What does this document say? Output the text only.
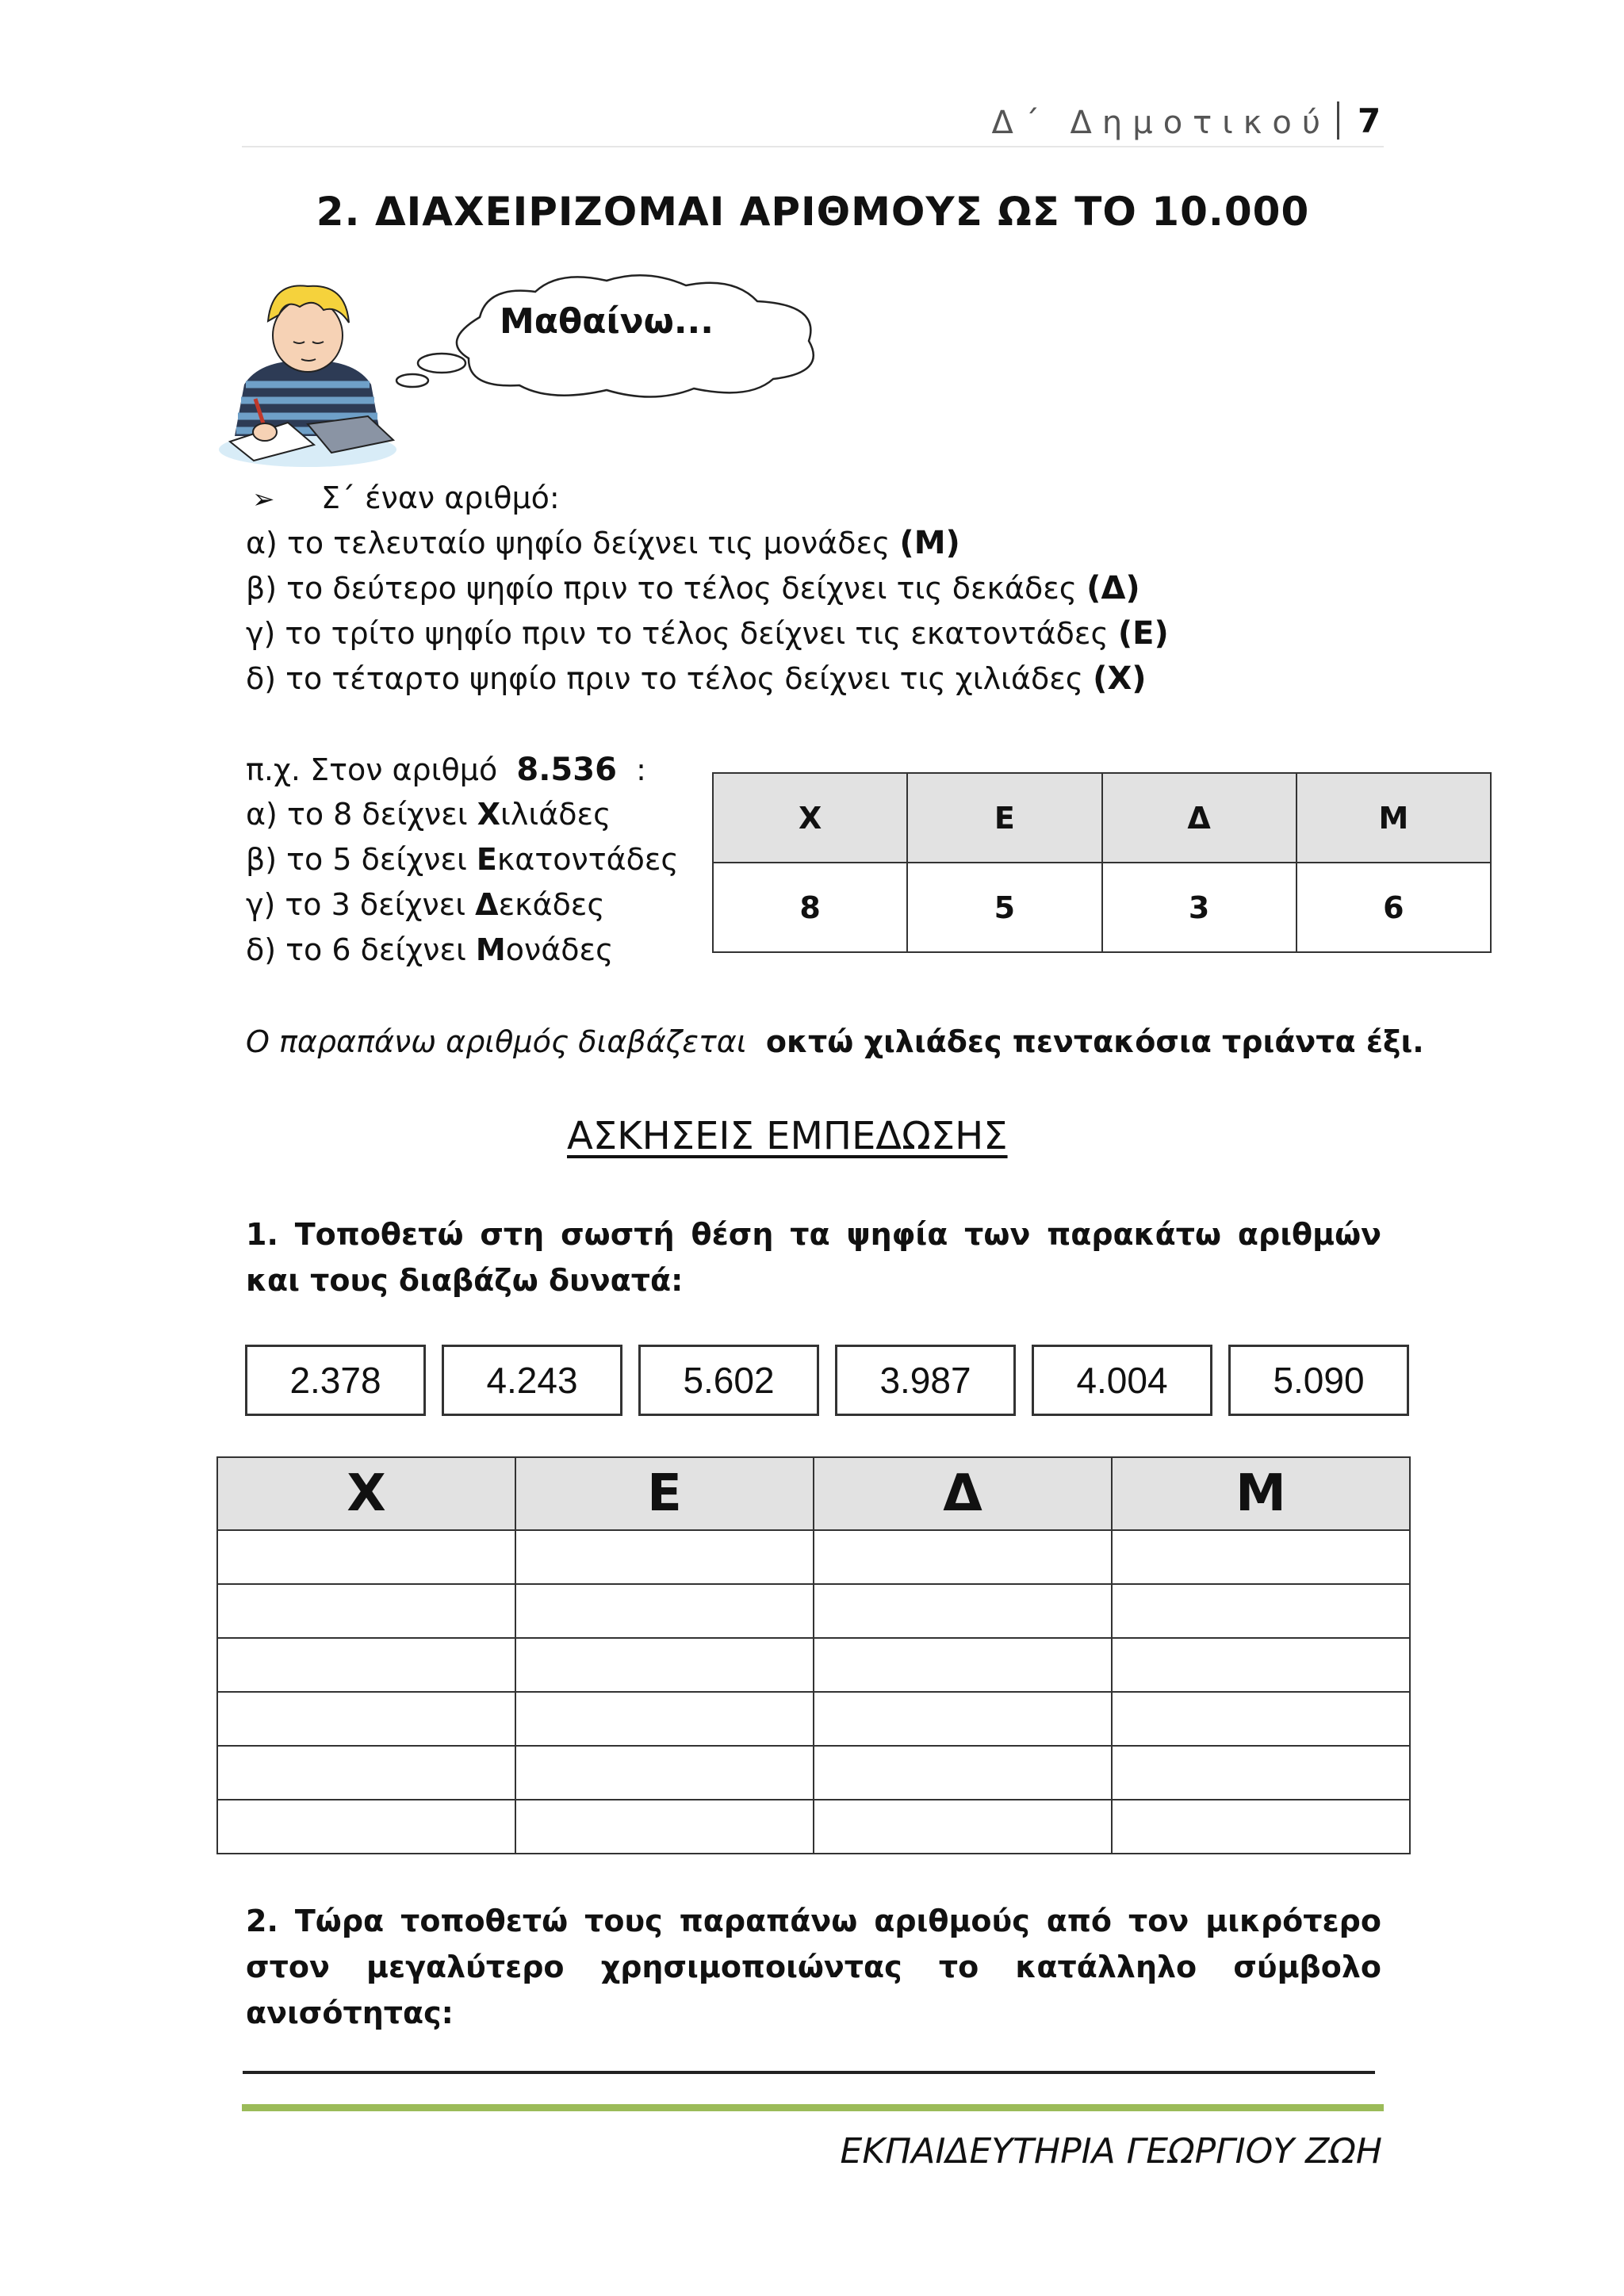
Δ΄ Δημοτικού 7
2. ΔΙΑΧΕΙΡΙΖΟΜΑΙ ΑΡΙΘΜΟΥΣ ΩΣ ΤΟ 10.000
Μαθαίνω...
➢ Σ΄ έναν αριθμό:
α) το τελευταίο ψηφίο δείχνει τις μονάδες (Μ)
β) το δεύτερο ψηφίο πριν το τέλος δείχνει τις δεκάδες (Δ)
γ) το τρίτο ψηφίο πριν το τέλος δείχνει τις εκατοντάδες (Ε)
δ) το τέταρτο ψηφίο πριν το τέλος δείχνει τις χιλιάδες (Χ)
π.χ. Στον αριθμό 8.536 :
α) το 8 δείχνει Χιλιάδες
β) το 5 δείχνει Εκατοντάδες
γ) το 3 δείχνει Δεκάδες
δ) το 6 δείχνει Μονάδες
Χ	Ε	Δ	Μ
8	5	3	6
Ο παραπάνω αριθμός διαβάζεται οκτώ χιλιάδες πεντακόσια τριάντα έξι.
ΑΣΚΗΣΕΙΣ ΕΜΠΕΔΩΣΗΣ
1. Τοποθετώ στη σωστή θέση τα ψηφία των παρακάτω αριθμών και τους διαβάζω δυνατά:
2.378	4.243	5.602	3.987	4.004	5.090
Χ	Ε	Δ	Μ

2. Τώρα τοποθετώ τους παραπάνω αριθμούς από τον μικρότερο στον μεγαλύτερο χρησιμοποιώντας το κατάλληλο σύμβολο ανισότητας:
ΕΚΠΑΙΔΕΥΤΗΡΙΑ ΓΕΩΡΓΙΟΥ ΖΩΗ
